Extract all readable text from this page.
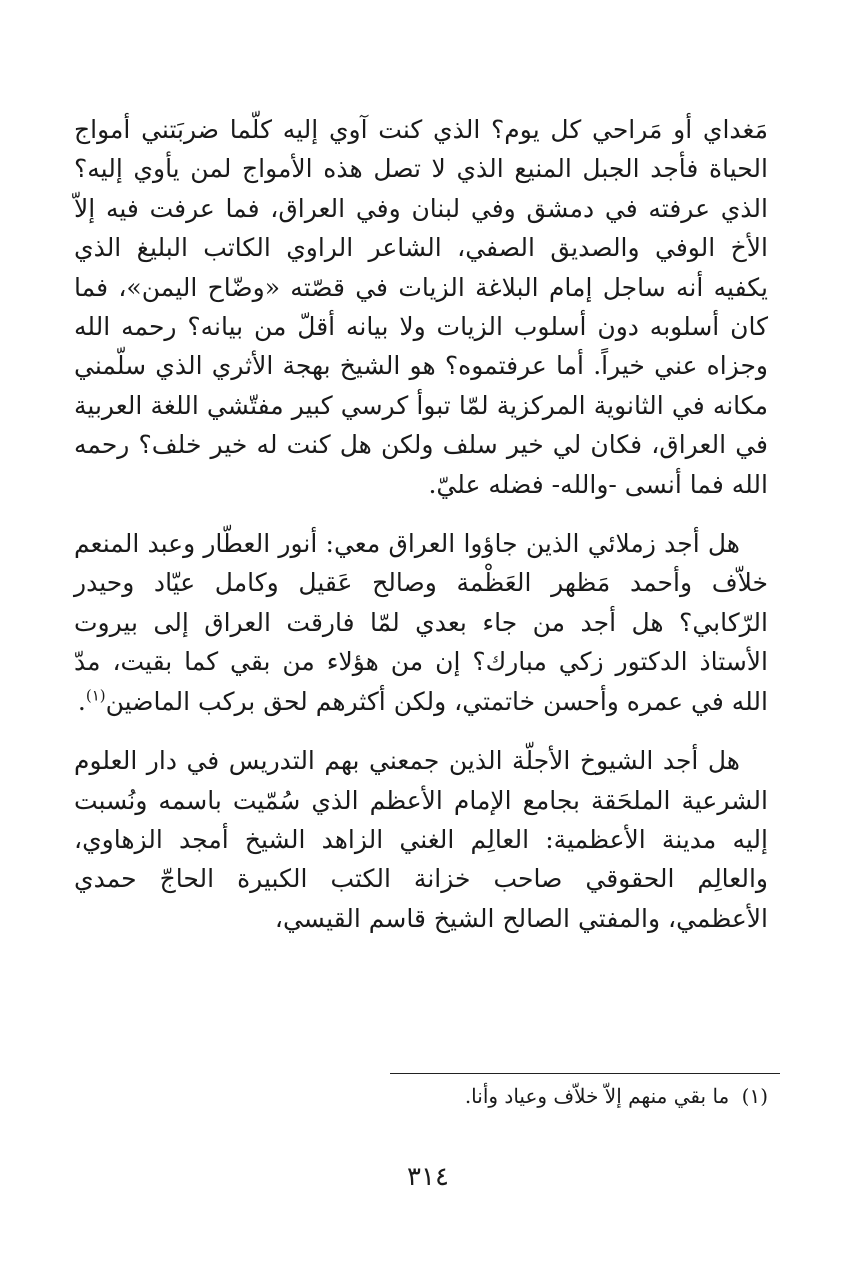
مَغداي أو مَراحي كل يوم؟ الذي كنت آوي إليه كلّما ضربَتني أمواج الحياة فأجد الجبل المنيع الذي لا تصل هذه الأمواج لمن يأوي إليه؟ الذي عرفته في دمشق وفي لبنان وفي العراق، فما عرفت فيه إلاّ الأخ الوفي والصديق الصفي، الشاعر الراوي الكاتب البليغ الذي يكفيه أنه ساجل إمام البلاغة الزيات في قصّته «وضّاح اليمن»، فما كان أسلوبه دون أسلوب الزيات ولا بيانه أقلّ من بيانه؟ رحمه الله وجزاه عني خيراً. أما عرفتموه؟ هو الشيخ بهجة الأثري الذي سلّمني مكانه في الثانوية المركزية لمّا تبوأ كرسي كبير مفتّشي اللغة العربية في العراق، فكان لي خير سلف ولكن هل كنت له خير خلف؟ رحمه الله فما أنسى -والله- فضله عليّ.

هل أجد زملائي الذين جاؤوا العراق معي: أنور العطّار وعبد المنعم خلاّف وأحمد مَظهر العَظْمة وصالح عَقيل وكامل عيّاد وحيدر الرّكابي؟ هل أجد من جاء بعدي لمّا فارقت العراق إلى بيروت الأستاذ الدكتور زكي مبارك؟ إن من هؤلاء من بقي كما بقيت، مدّ الله في عمره وأحسن خاتمتي، ولكن أكثرهم لحق بركب الماضين$^{(١)}$.

هل أجد الشيوخ الأجلّة الذين جمعني بهم التدريس في دار العلوم الشرعية الملحَقة بجامع الإمام الأعظم الذي سُمّيت باسمه ونُسبت إليه مدينة الأعظمية: العالِم الغني الزاهد الشيخ أمجد الزهاوي، والعالِم الحقوقي صاحب خزانة الكتب الكبيرة الحاجّ حمدي الأعظمي، والمفتي الصالح الشيخ قاسم القيسي،

(١) ما بقي منهم إلاّ خلاّف وعياد وأنا.
٣١٤
